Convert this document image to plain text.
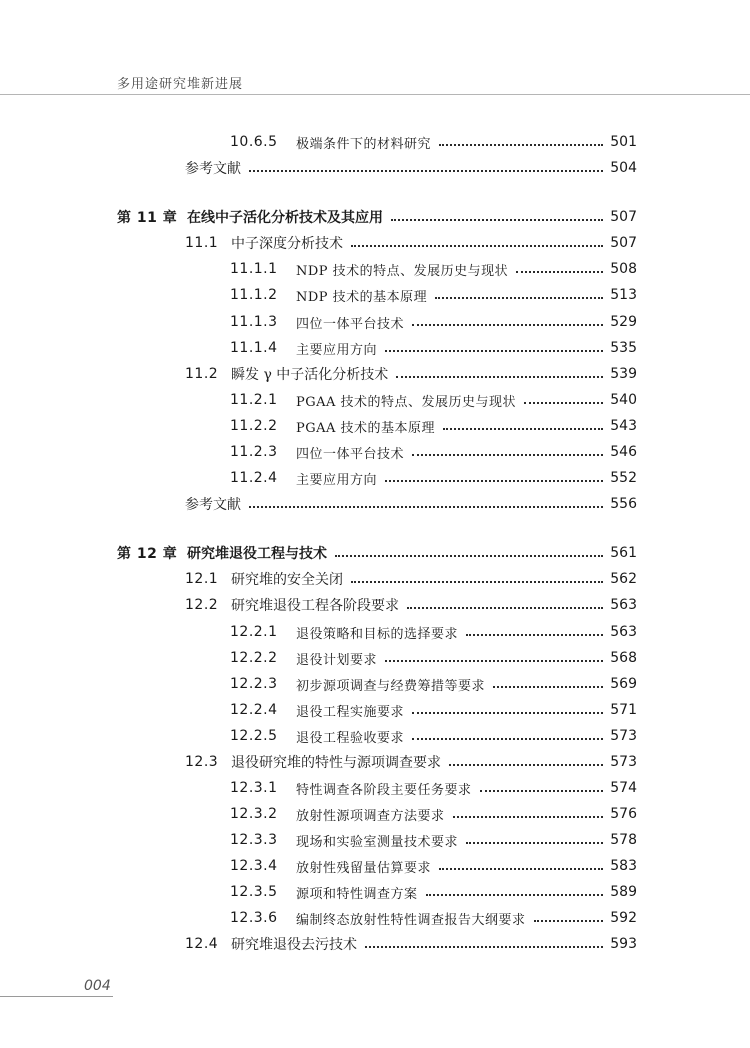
多用途研究堆新进展
10.6.5	极端条件下的材料研究	501
参考文献	504
第 11 章 在线中子活化分析技术及其应用	507
11.1 中子深度分析技术	507
11.1.1	NDP 技术的特点、发展历史与现状	508
11.1.2	NDP 技术的基本原理	513
11.1.3	四位一体平台技术	529
11.1.4	主要应用方向	535
11.2 瞬发 γ 中子活化分析技术	539
11.2.1	PGAA 技术的特点、发展历史与现状	540
11.2.2	PGAA 技术的基本原理	543
11.2.3	四位一体平台技术	546
11.2.4	主要应用方向	552
参考文献	556
第 12 章 研究堆退役工程与技术	561
12.1 研究堆的安全关闭	562
12.2 研究堆退役工程各阶段要求	563
12.2.1	退役策略和目标的选择要求	563
12.2.2	退役计划要求	568
12.2.3	初步源项调查与经费筹措等要求	569
12.2.4	退役工程实施要求	571
12.2.5	退役工程验收要求	573
12.3 退役研究堆的特性与源项调查要求	573
12.3.1	特性调查各阶段主要任务要求	574
12.3.2	放射性源项调查方法要求	576
12.3.3	现场和实验室测量技术要求	578
12.3.4	放射性残留量估算要求	583
12.3.5	源项和特性调查方案	589
12.3.6	编制终态放射性特性调查报告大纲要求	592
12.4 研究堆退役去污技术	593
004
